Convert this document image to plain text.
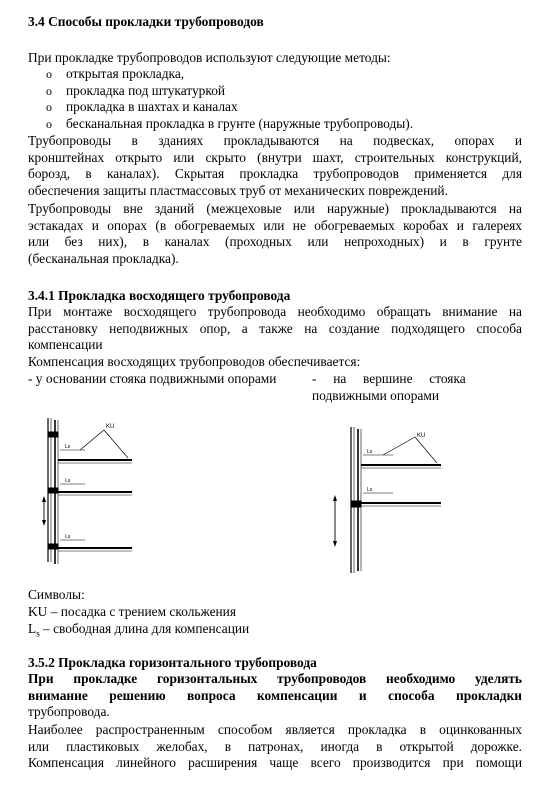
3.4 Способы прокладки трубопроводов
При прокладке трубопроводов используют следующие методы:
o открытая прокладка,
o прокладка под штукатуркой
o прокладка в шахтах и каналах
o бесканальная прокладка в грунте (наружные трубопроводы).
Трубопроводы в зданиях прокладываются на подвесках, опорах и
кронштейнах открыто или скрыто (внутри шахт, строительных конструкций,
борозд, в каналах). Скрытая прокладка трубопроводов применяется для
обеспечения защиты пластмассовых труб от механических повреждений.
Трубопроводы вне зданий (межцеховые или наружные) прокладываются на
эстакадах и опорах (в обогреваемых или не обогреваемых коробах и галереях
или без них), в каналах (проходных или непроходных) и в грунте
(бесканальная прокладка).
3.4.1 Прокладка восходящего трубопровода
При монтаже восходящего трубопровода необходимо обращать внимание на
расстановку неподвижных опор, а также на создание подходящего способа
компенсации
Компенсация восходящих трубопроводов обеспечивается:
- у основании стояка подвижными опорами	-     на     вершине     стояка
подвижными опорами
KU
Ls
Ls
Ls
KU
Ls
Ls
Символы:
KU – посадка с трением скольжения
$L_s$ – свободная длина для компенсации
3.5.2 Прокладка горизонтального трубопровода
При прокладке горизонтальных трубопроводов необходимо уделять
внимание решению вопроса компенсации и способа прокладки
трубопровода.
Наиболее распространенным способом является прокладка в оцинкованных
или пластиковых желобах, в патронах, иногда в открытой дорожке.
Компенсация линейного расширения чаще всего производится при помощи
